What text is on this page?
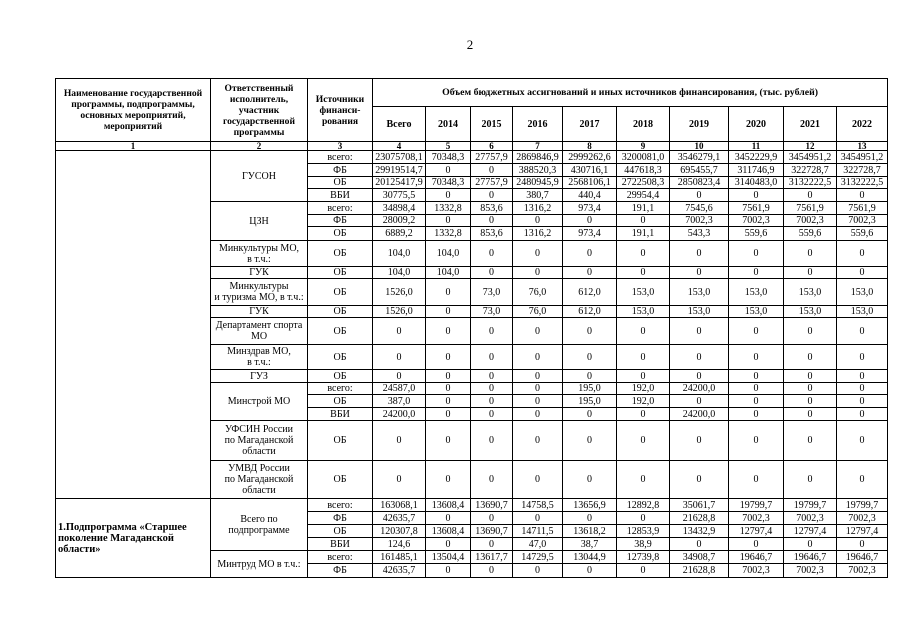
2
Наименование государственной
программы, подпрограммы,
основных мероприятий,
мероприятий	Ответственный
исполнитель,
участник
государственной
программы	Источники
финанси-
рования	Объем бюджетных ассигнований и иных источников финансирования, (тыс. рублей)									
			Всего	2014	2015	2016	2017	2018	2019	2020	2021	2022
1	2	3	4	5	6	7	8	9	10	11	12	13
	ГУСОН	всего:	23075708,1	70348,3	27757,9	2869846,9	2999262,6	3200081,0	3546279,1	3452229,9	3454951,2	3454951,2
		ФБ	29919514,7	0	0	388520,3	430716,1	447618,3	695455,7	311746,9	322728,7	322728,7
		ОБ	20125417,9	70348,3	27757,9	2480945,9	2568106,1	2722508,3	2850823,4	3140483,0	3132222,5	3132222,5
		ВБИ	30775,5	0	0	380,7	440,4	29954,4	0	0	0	0
	ЦЗН	всего:	34898,4	1332,8	853,6	1316,2	973,4	191,1	7545,6	7561,9	7561,9	7561,9
		ФБ	28009,2	0	0	0	0	0	7002,3	7002,3	7002,3	7002,3
		ОБ	6889,2	1332,8	853,6	1316,2	973,4	191,1	543,3	559,6	559,6	559,6
	Минкультуры МО,
в т.ч.:	ОБ	104,0	104,0	0	0	0	0	0	0	0	0
	ГУК	ОБ	104,0	104,0	0	0	0	0	0	0	0	0
	Минкультуры
и туризма МО, в т.ч.:	ОБ	1526,0	0	73,0	76,0	612,0	153,0	153,0	153,0	153,0	153,0
	ГУК	ОБ	1526,0	0	73,0	76,0	612,0	153,0	153,0	153,0	153,0	153,0
	Департамент спорта
МО	ОБ	0	0	0	0	0	0	0	0	0	0
	Минздрав МО,
в т.ч.:	ОБ	0	0	0	0	0	0	0	0	0	0
	ГУЗ	ОБ	0	0	0	0	0	0	0	0	0	0
	Минстрой МО	всего:	24587,0	0	0	0	195,0	192,0	24200,0	0	0	0
		ОБ	387,0	0	0	0	195,0	192,0	0	0	0	0
		ВБИ	24200,0	0	0	0	0	0	24200,0	0	0	0
	УФСИН России
по Магаданской
области	ОБ	0	0	0	0	0	0	0	0	0	0
	УМВД России
по Магаданской
области	ОБ	0	0	0	0	0	0	0	0	0	0
1.Подпрограмма «Старшее
поколение Магаданской
области»	Всего по
подпрограмме	всего:	163068,1	13608,4	13690,7	14758,5	13656,9	12892,8	35061,7	19799,7	19799,7	19799,7
		ФБ	42635,7	0	0	0	0	0	21628,8	7002,3	7002,3	7002,3
		ОБ	120307,8	13608,4	13690,7	14711,5	13618,2	12853,9	13432,9	12797,4	12797,4	12797,4
		ВБИ	124,6	0	0	47,0	38,7	38,9	0	0	0	0
	Минтруд МО в т.ч.:	всего:	161485,1	13504,4	13617,7	14729,5	13044,9	12739,8	34908,7	19646,7	19646,7	19646,7
		ФБ	42635,7	0	0	0	0	0	21628,8	7002,3	7002,3	7002,3
